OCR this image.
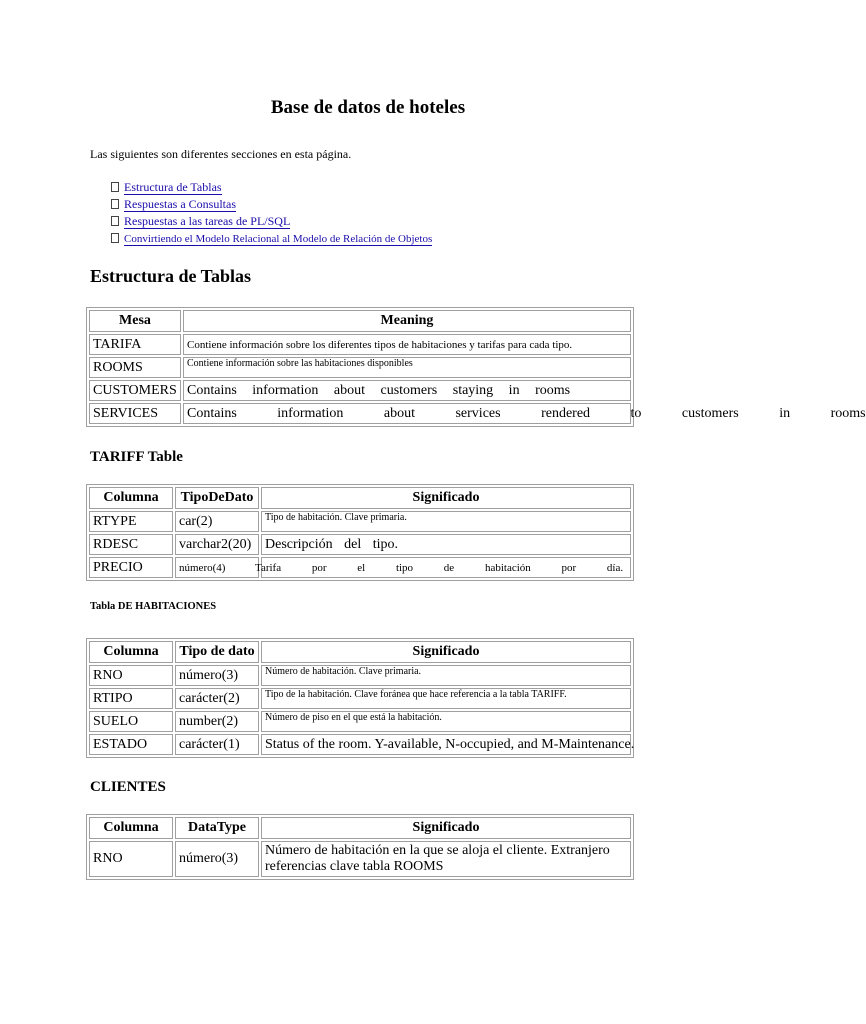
Base de datos de hoteles
Las siguientes son diferentes secciones en esta página.
Estructura de Tablas
Respuestas a Consultas
Respuestas a las tareas de PL/SQL
Convirtiendo el Modelo Relacional al Modelo de Relación de Objetos
Estructura de Tablas
Mesa	Meaning
TARIFA	Contiene información sobre los diferentes tipos de habitaciones y tarifas para cada tipo.
ROOMS	Contiene información sobre las habitaciones disponibles
CUSTOMERS	Contains information about customers staying in rooms
SERVICES	Contains information about services rendered to customers in rooms
TARIFF Table
Columna	TipoDeDato	Significado
RTYPE	car(2)	Tipo de habitación. Clave primaria.
RDESC	varchar2(20)	Descripción del tipo.
PRECIO	número(4)	Tarifa por el tipo de habitación por día.
Tabla DE HABITACIONES
Columna	Tipo de dato	Significado
RNO	número(3)	Número de habitación. Clave primaria.
RTIPO	carácter(2)	Tipo de la habitación. Clave foránea que hace referencia a la tabla TARIFF.
SUELO	number(2)	Número de piso en el que está la habitación.
ESTADO	carácter(1)	Status of the room. Y-available, N-occupied, and M-Maintenance.
CLIENTES
Columna	DataType	Significado
RNO	número(3)	Número de habitación en la que se aloja el cliente. Extranjero referencias clave tabla ROOMS
